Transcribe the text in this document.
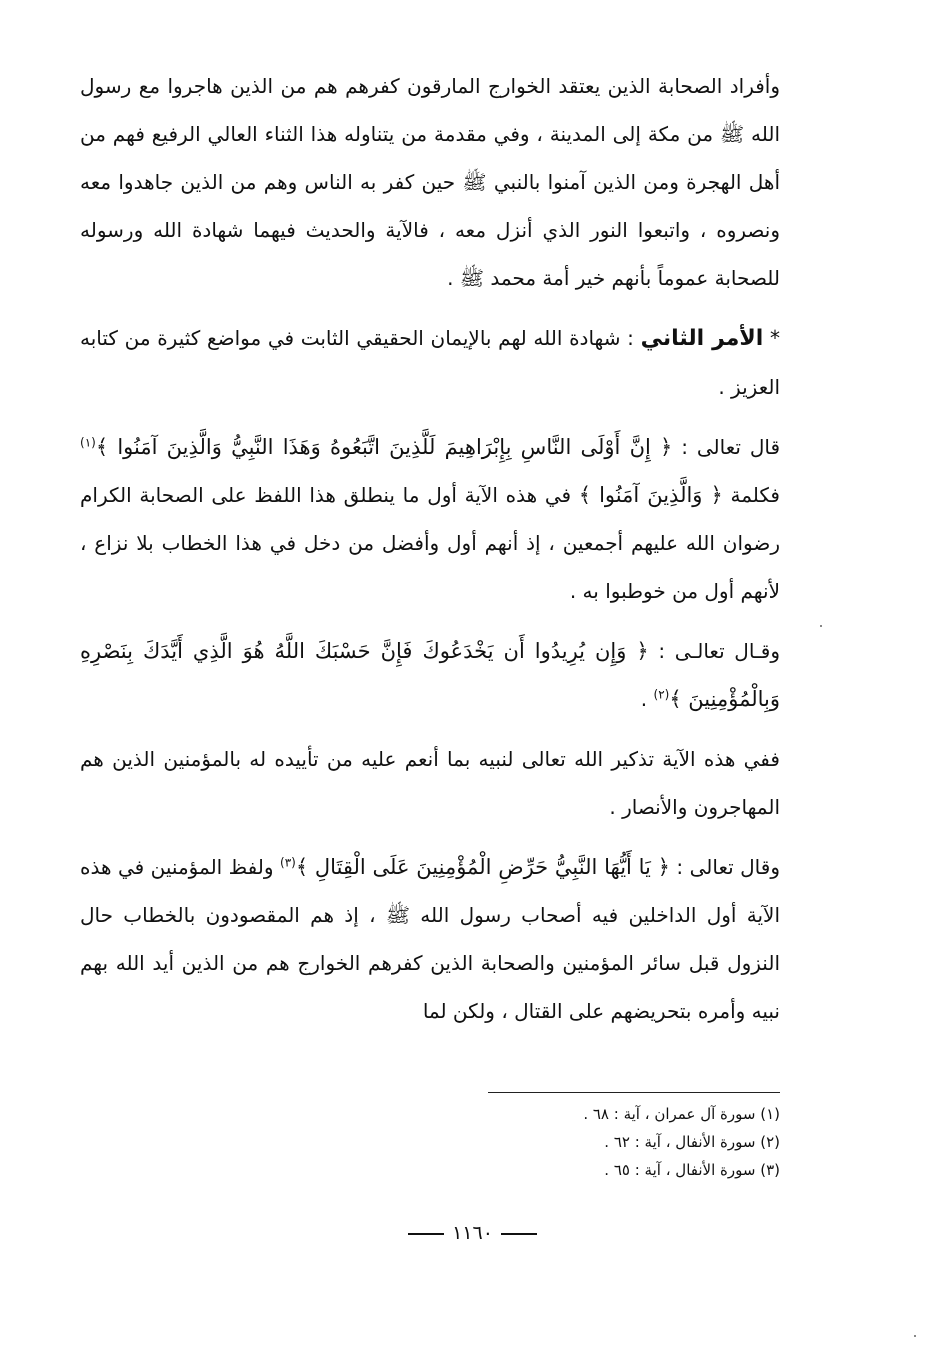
وأفراد الصحابة الذين يعتقد الخوارج المارقون كفرهم هم من الذين هاجروا مع رسول الله ﷺ من مكة إلى المدينة ، وفي مقدمة من يتناوله هذا الثناء العالي الرفيع فهم من أهل الهجرة ومن الذين آمنوا بالنبي ﷺ حين كفر به الناس وهم من الذين جاهدوا معه ونصروه ، واتبعوا النور الذي أنزل معه ، فالآية والحديث فيهما شهادة الله ورسوله للصحابة عموماً بأنهم خير أمة محمد ﷺ .

* الأمر الثاني : شهادة الله لهم بالإيمان الحقيقي الثابت في مواضع كثيرة من كتابه العزيز .

قال تعالى : ﴿ إِنَّ أَوْلَى النَّاسِ بِإِبْرَاهِيمَ لَلَّذِينَ اتَّبَعُوهُ وَهَذَا النَّبِيُّ وَالَّذِينَ آمَنُوا ﴾$^{(١)}$ فكلمة ﴿ وَالَّذِينَ آمَنُوا ﴾ في هذه الآية أول ما ينطلق هذا اللفظ على الصحابة الكرام رضوان الله عليهم أجمعين ، إذ أنهم أول وأفضل من دخل في هذا الخطاب بلا نزاع ، لأنهم أول من خوطبوا به .

وقـال تعالـى : ﴿ وَإِن يُرِيدُوا أَن يَخْدَعُوكَ فَإِنَّ حَسْبَكَ اللَّهُ هُوَ الَّذِي أَيَّدَكَ بِنَصْرِهِ وَبِالْمُؤْمِنِينَ ﴾$^{(٢)}$ .

ففي هذه الآية تذكير الله تعالى لنبيه بما أنعم عليه من تأييده له بالمؤمنين الذين هم المهاجرون والأنصار .

وقال تعالى : ﴿ يَا أَيُّهَا النَّبِيُّ حَرِّضِ الْمُؤْمِنِينَ عَلَى الْقِتَالِ ﴾$^{(٣)}$ ولفظ المؤمنين في هذه الآية أول الداخلين فيه أصحاب رسول الله ﷺ ، إذ هم المقصودون بالخطاب حال النزول قبل سائر المؤمنين والصحابة الذين كفرهم الخوارج هم من الذين أيد الله بهم نبيه وأمره بتحريضهم على القتال ، ولكن لما

(١) سورة آل عمران ، آية : ٦٨ .
(٢) سورة الأنفال ، آية : ٦٢ .
(٣) سورة الأنفال ، آية : ٦٥ .
١١٦٠
